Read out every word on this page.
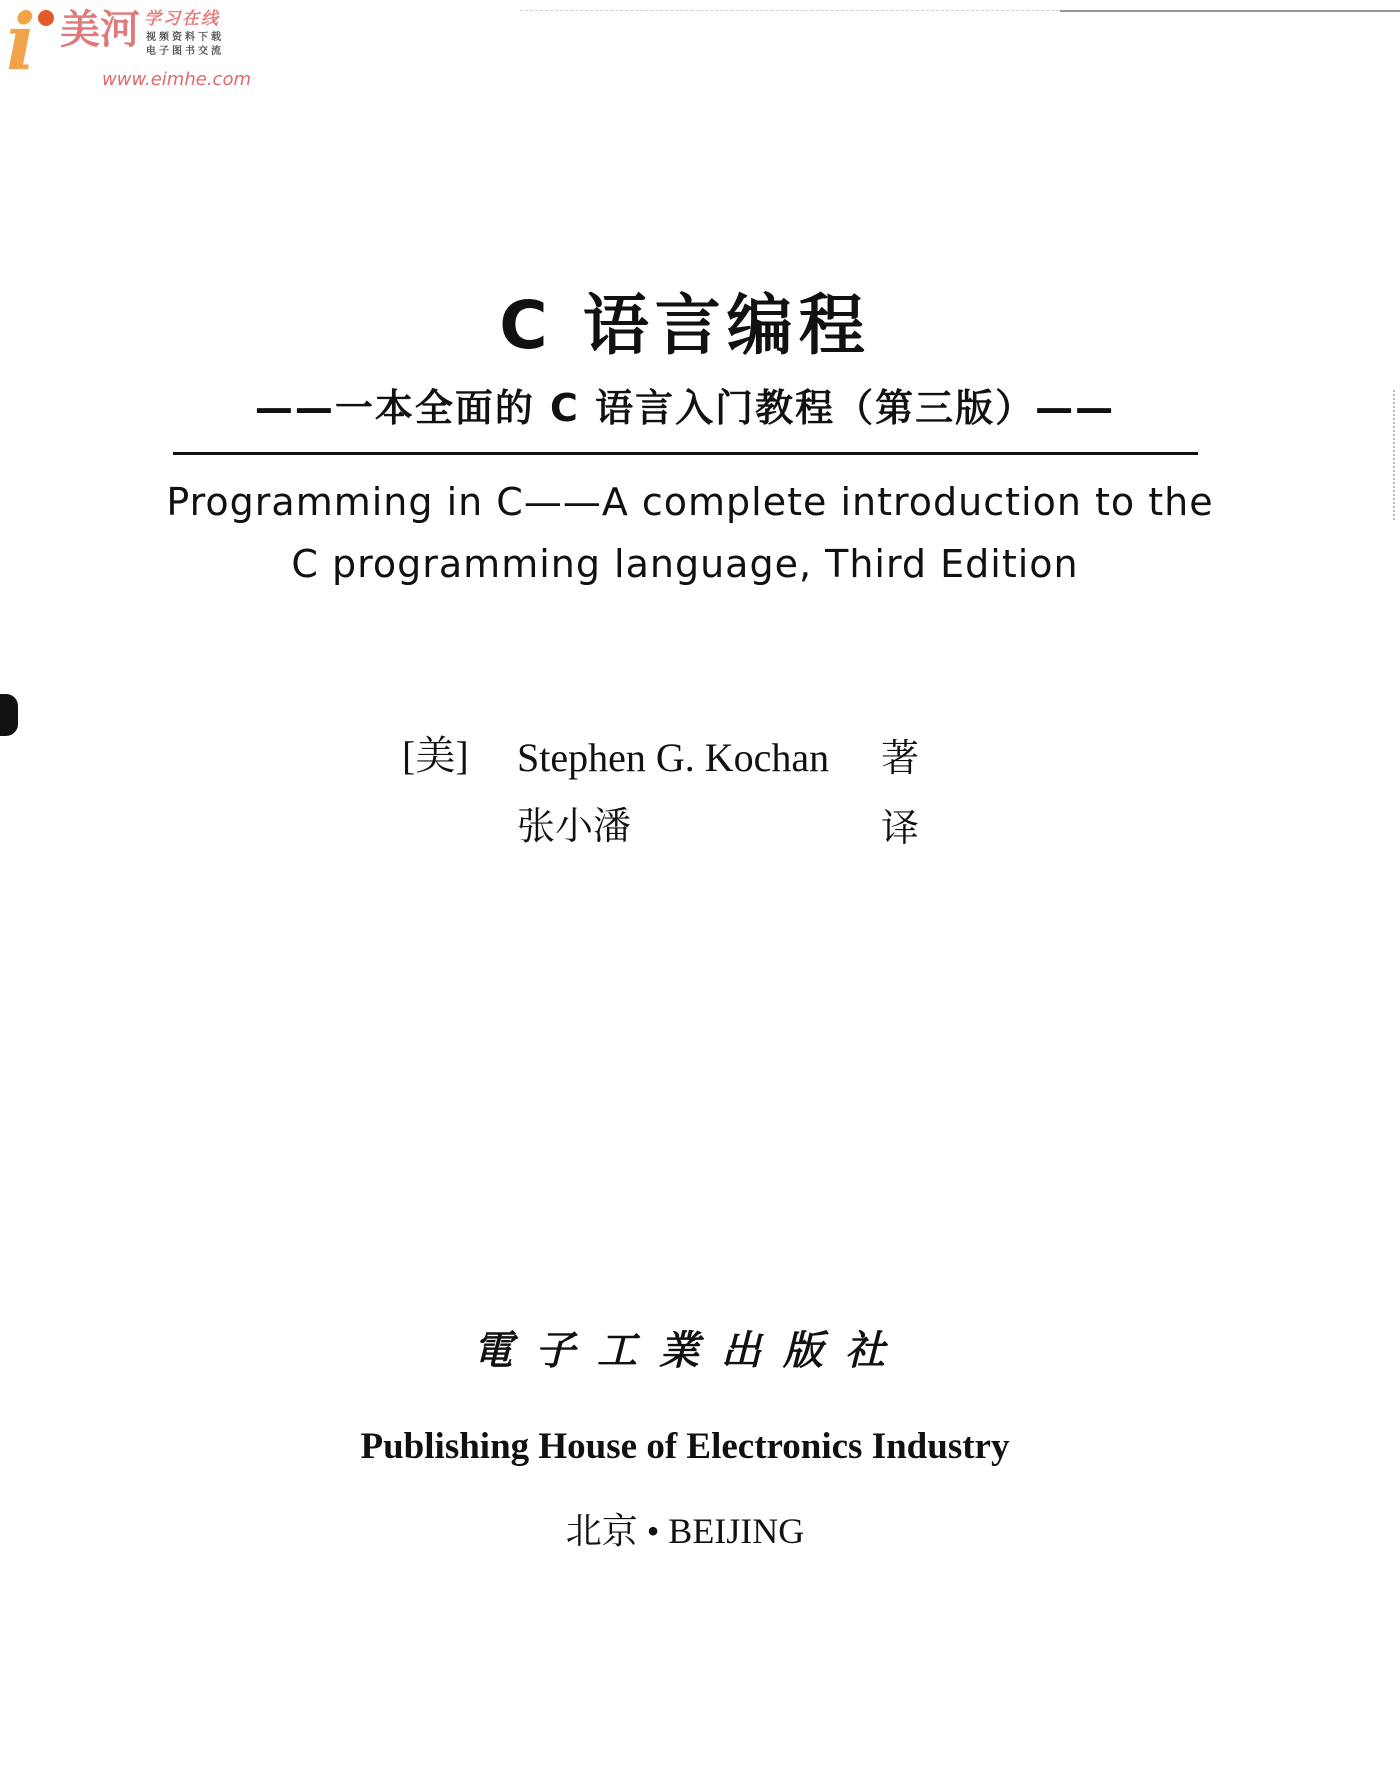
i 美河 学习在线
视频资料下载
电子图书交流
www.eimhe.com
C 语言编程
——一本全面的 C 语言入门教程（第三版）——
Programming in C——A complete introduction to the
C programming language, Third Edition
[美] Stephen G. Kochan 著
张小潘	译
電子工業出版社
Publishing House of Electronics Industry
北京 • BEIJING
